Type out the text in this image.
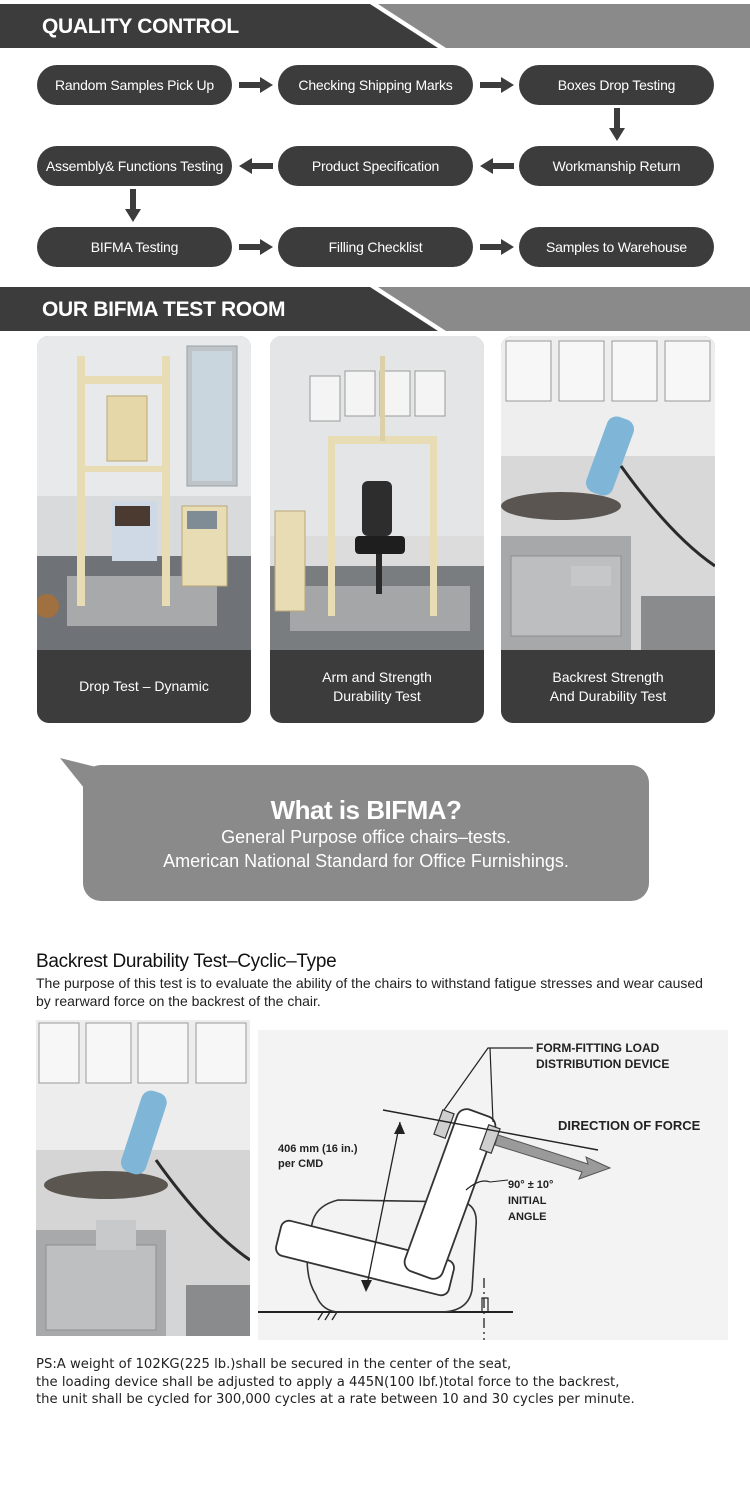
QUALITY CONTROL
Random Samples Pick Up	Checking Shipping Marks	Boxes Drop Testing
Assembly& Functions Testing	Product Specification	Workmanship Return
BIFMA Testing	Filling Checklist	Samples to Warehouse
OUR BIFMA TEST ROOM
Drop Test – Dynamic
Arm and Strength
Durability Test
Backrest Strength
And Durability Test
What is BIFMA?
General Purpose office chairs–tests.
American National Standard for Office Furnishings.
Backrest Durability Test–Cyclic–Type
The purpose of this test is to evaluate the ability of the chairs to withstand fatigue stresses and wear caused by rearward force on the backrest of the chair.
FORM-FITTING LOAD
DISTRIBUTION DEVICE
DIRECTION OF FORCE
406 mm (16 in.)
per CMD
90° ± 10°
INITIAL
ANGLE
PS:A weight of 102KG(225 lb.)shall be secured in the center of the seat,
the loading device shall be adjusted to apply a 445N(100 lbf.)total force to the backrest,
the unit shall be cycled for 300,000 cycles at a rate between 10 and 30 cycles per minute.
